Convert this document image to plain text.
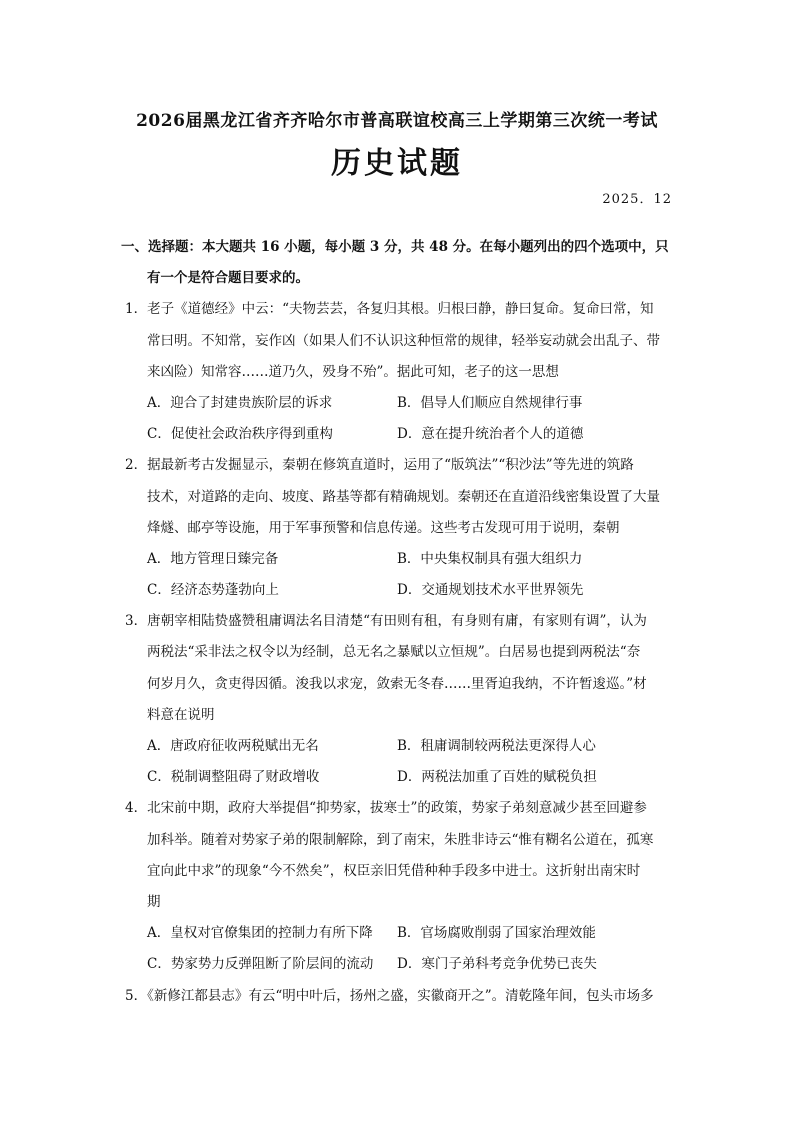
2026届黑龙江省齐齐哈尔市普高联谊校高三上学期第三次统一考试
历史试题
2025．12
一、选择题：本大题共 16 小题，每小题 3 分，共 48 分。在每小题列出的四个选项中，只
有一个是符合题目要求的。
1．老子《道德经》中云：“夫物芸芸，各复归其根。归根曰静，静曰复命。复命曰常，知
常曰明。不知常，妄作凶（如果人们不认识这种恒常的规律，轻举妄动就会出乱子、带
来凶险）知常容……道乃久，殁身不殆”。据此可知，老子的这一思想
A．迎合了封建贵族阶层的诉求	B．倡导人们顺应自然规律行事
C．促使社会政治秩序得到重构	D．意在提升统治者个人的道德
2．据最新考古发掘显示，秦朝在修筑直道时，运用了“版筑法”“积沙法”等先进的筑路
技术，对道路的走向、坡度、路基等都有精确规划。秦朝还在直道沿线密集设置了大量
烽燧、邮亭等设施，用于军事预警和信息传递。这些考古发现可用于说明，秦朝
A．地方管理日臻完备	B．中央集权制具有强大组织力
C．经济态势蓬勃向上	D．交通规划技术水平世界领先
3．唐朝宰相陆贽盛赞租庸调法名目清楚“有田则有租，有身则有庸，有家则有调”，认为
两税法“采非法之权令以为经制，总无名之暴赋以立恒规”。白居易也提到两税法“奈
何岁月久，贪吏得因循。浚我以求宠，敛索无冬春……里胥迫我纳，不许暂逡巡。”材
料意在说明
A．唐政府征收两税赋出无名	B．租庸调制较两税法更深得人心
C．税制调整阻碍了财政增收	D．两税法加重了百姓的赋税负担
4．北宋前中期，政府大举提倡“抑势家，拔寒士”的政策，势家子弟刻意减少甚至回避参
加科举。随着对势家子弟的限制解除，到了南宋，朱胜非诗云“惟有糊名公道在，孤寒
宜向此中求”的现象“今不然矣”，权臣亲旧凭借种种手段多中进士。这折射出南宋时
期
A．皇权对官僚集团的控制力有所下降	B．官场腐败削弱了国家治理效能
C．势家势力反弹阻断了阶层间的流动	D．寒门子弟科考竞争优势已丧失
5．《新修江都县志》有云“明中叶后，扬州之盛，实徽商开之”。清乾隆年间，包头市场多
